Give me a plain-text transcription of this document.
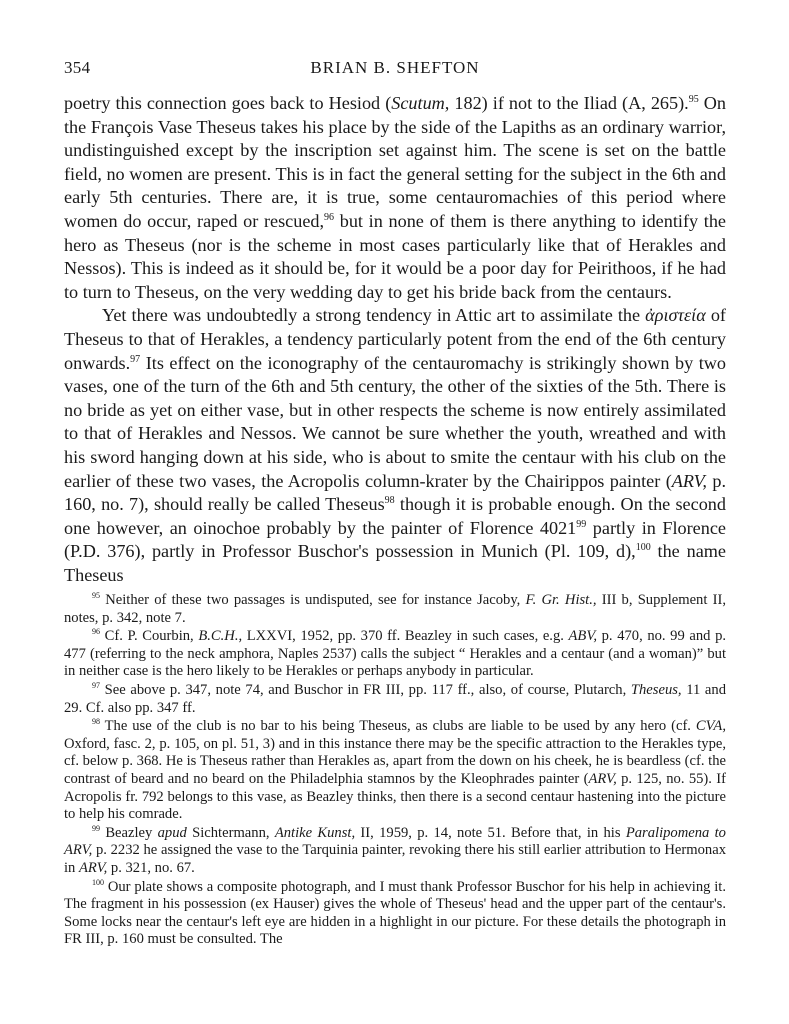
354	BRIAN B. SHEFTON

poetry this connection goes back to Hesiod (Scutum, 182) if not to the Iliad (A, 265).$^{95}$ On the François Vase Theseus takes his place by the side of the Lapiths as an ordinary warrior, undistinguished except by the inscription set against him. The scene is set on the battle field, no women are present. This is in fact the general setting for the subject in the 6th and early 5th centuries. There are, it is true, some centauromachies of this period where women do occur, raped or rescued,$^{96}$ but in none of them is there anything to identify the hero as Theseus (nor is the scheme in most cases particularly like that of Herakles and Nessos). This is indeed as it should be, for it would be a poor day for Peirithoos, if he had to turn to Theseus, on the very wedding day to get his bride back from the centaurs.

Yet there was undoubtedly a strong tendency in Attic art to assimilate the ἀριστεία of Theseus to that of Herakles, a tendency particularly potent from the end of the 6th century onwards.$^{97}$ Its effect on the iconography of the centauromachy is strikingly shown by two vases, one of the turn of the 6th and 5th century, the other of the sixties of the 5th. There is no bride as yet on either vase, but in other respects the scheme is now entirely assimilated to that of Herakles and Nessos. We cannot be sure whether the youth, wreathed and with his sword hanging down at his side, who is about to smite the centaur with his club on the earlier of these two vases, the Acropolis column-krater by the Chairippos painter (ARV, p. 160, no. 7), should really be called Theseus$^{98}$ though it is probable enough. On the second one however, an oinochoe probably by the painter of Florence 4021$^{99}$ partly in Florence (P.D. 376), partly in Professor Buschor's possession in Munich (Pl. 109, d),$^{100}$ the name Theseus

$^{95}$ Neither of these two passages is undisputed, see for instance Jacoby, F. Gr. Hist., III b, Supplement II, notes, p. 342, note 7.

$^{96}$ Cf. P. Courbin, B.C.H., LXXVI, 1952, pp. 370 ff. Beazley in such cases, e.g. ABV, p. 470, no. 99 and p. 477 (referring to the neck amphora, Naples 2537) calls the subject “ Herakles and a centaur (and a woman)” but in neither case is the hero likely to be Herakles or perhaps anybody in particular.

$^{97}$ See above p. 347, note 74, and Buschor in FR III, pp. 117 ff., also, of course, Plutarch, Theseus, 11 and 29. Cf. also pp. 347 ff.

$^{98}$ The use of the club is no bar to his being Theseus, as clubs are liable to be used by any hero (cf. CVA, Oxford, fasc. 2, p. 105, on pl. 51, 3) and in this instance there may be the specific attraction to the Herakles type, cf. below p. 368. He is Theseus rather than Herakles as, apart from the down on his cheek, he is beardless (cf. the contrast of beard and no beard on the Philadelphia stamnos by the Kleophrades painter (ARV, p. 125, no. 55). If Acropolis fr. 792 belongs to this vase, as Beazley thinks, then there is a second centaur hastening into the picture to help his comrade.

$^{99}$ Beazley apud Sichtermann, Antike Kunst, II, 1959, p. 14, note 51. Before that, in his Paralipomena to ARV, p. 2232 he assigned the vase to the Tarquinia painter, revoking there his still earlier attribution to Hermonax in ARV, p. 321, no. 67.

$^{100}$ Our plate shows a composite photograph, and I must thank Professor Buschor for his help in achieving it. The fragment in his possession (ex Hauser) gives the whole of Theseus' head and the upper part of the centaur's. Some locks near the centaur's left eye are hidden in a highlight in our picture. For these details the photograph in FR III, p. 160 must be consulted. The
